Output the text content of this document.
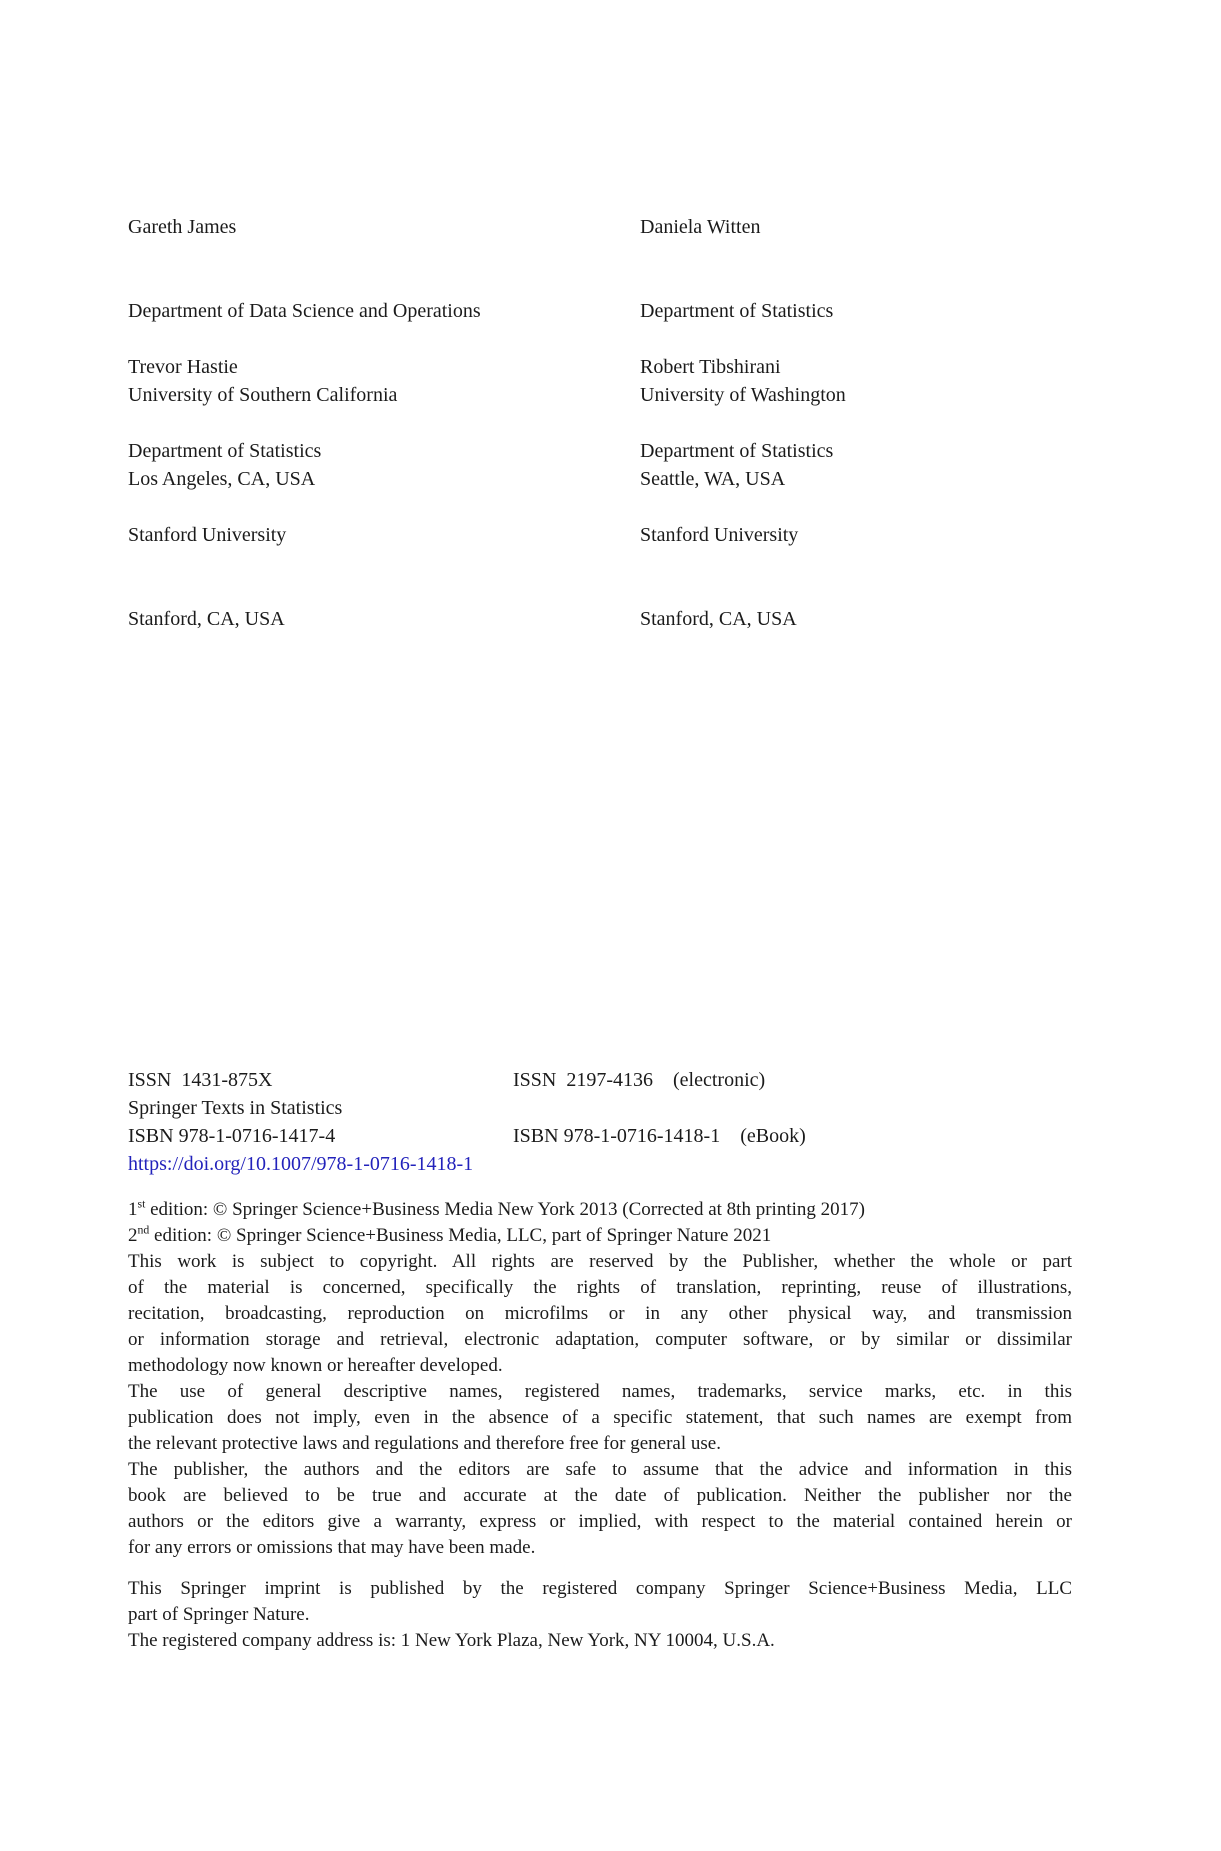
Gareth James

Department of Data Science and Operations

University of Southern California

Los Angeles, CA, USA

Daniela Witten

Department of Statistics

University of Washington

Seattle, WA, USA

Trevor Hastie

Department of Statistics

Stanford University

Stanford, CA, USA

Robert Tibshirani

Department of Statistics

Stanford University

Stanford, CA, USA

ISSN  1431-875X	ISSN  2197-4136    (electronic)
Springer Texts in Statistics
ISBN 978-1-0716-1417-4	ISBN 978-1-0716-1418-1    (eBook)
https://doi.org/10.1007/978-1-0716-1418-1
1st edition: © Springer Science+Business Media New York 2013 (Corrected at 8th printing 2017)
2nd edition: © Springer Science+Business Media, LLC, part of Springer Nature 2021
This work is subject to copyright. All rights are reserved by the Publisher, whether the whole or part
of the material is concerned, specifically the rights of translation, reprinting, reuse of illustrations,
recitation, broadcasting, reproduction on microfilms or in any other physical way, and transmission
or information storage and retrieval, electronic adaptation, computer software, or by similar or dissimilar
methodology now known or hereafter developed.
The use of general descriptive names, registered names, trademarks, service marks, etc. in this
publication does not imply, even in the absence of a specific statement, that such names are exempt from
the relevant protective laws and regulations and therefore free for general use.
The publisher, the authors and the editors are safe to assume that the advice and information in this
book are believed to be true and accurate at the date of publication. Neither the publisher nor the
authors or the editors give a warranty, express or implied, with respect to the material contained herein or
for any errors or omissions that may have been made.
This Springer imprint is published by the registered company Springer Science+Business Media, LLC
part of Springer Nature.
The registered company address is: 1 New York Plaza, New York, NY 10004, U.S.A.
